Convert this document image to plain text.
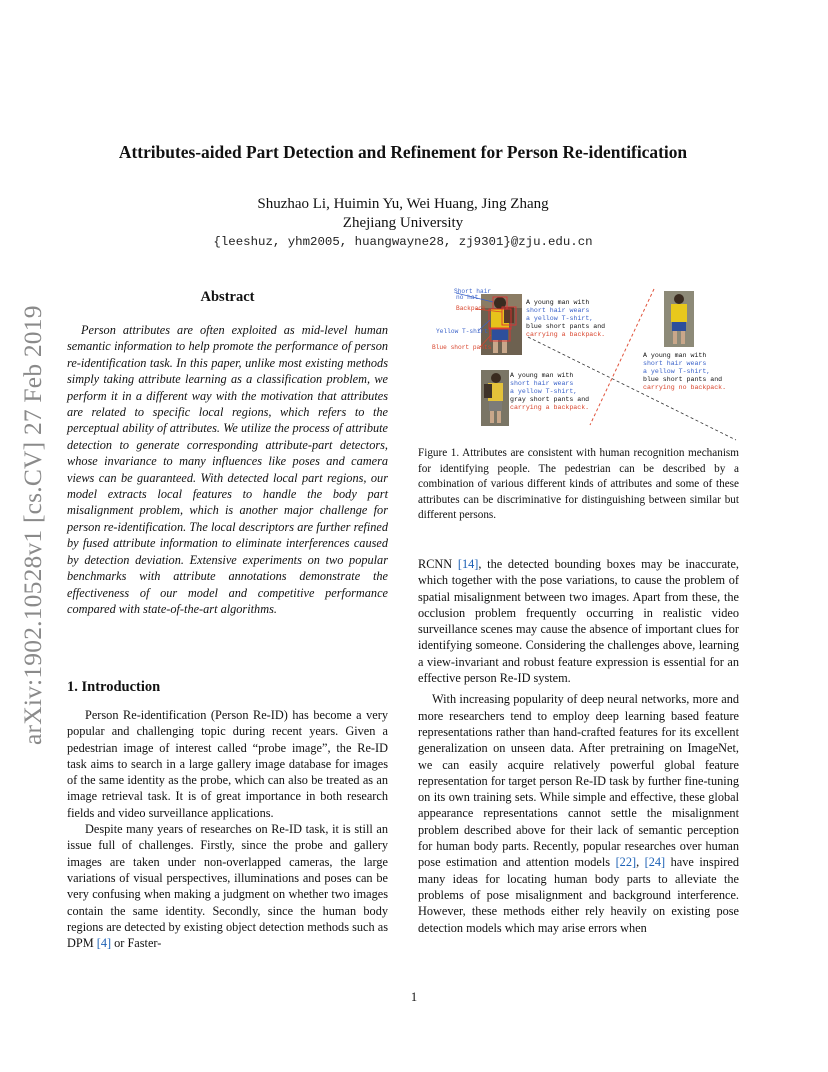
arXiv:1902.10528v1 [cs.CV] 27 Feb 2019
Attributes-aided Part Detection and Refinement for Person Re-identification
Shuzhao Li, Huimin Yu, Wei Huang, Jing Zhang
Zhejiang University
{leeshuz, yhm2005, huangwayne28, zj9301}@zju.edu.cn
Abstract

Person attributes are often exploited as mid-level human semantic information to help promote the performance of person re-identification task. In this paper, unlike most existing methods simply taking attribute learning as a classification problem, we perform it in a different way with the motivation that attributes are related to specific local regions, which refers to the perceptual ability of attributes. We utilize the process of attribute detection to generate corresponding attribute-part detectors, whose invariance to many influences like poses and camera views can be guaranteed. With detected local part regions, our model extracts local features to handle the body part misalignment problem, which is another major challenge for person re-identification. The local descriptors are further refined by fused attribute information to eliminate interferences caused by detection deviation. Extensive experiments on two popular benchmarks with attribute annotations demonstrate the effectiveness of our model and competitive performance compared with state-of-the-art algorithms.

1. Introduction

Person Re-identification (Person Re-ID) has become a very popular and challenging topic during recent years. Given a pedestrian image of interest called “probe image”, the Re-ID task aims to search in a large gallery image database for images of the same identity as the probe, which can also be treated as an image retrieval task. It is of great importance in both research fields and video surveillance applications.

Despite many years of researches on Re-ID task, it is still an issue full of challenges. Firstly, since the probe and gallery images are taken under non-overlapped cameras, the large variations of visual perspectives, illuminations and poses can be very confusing when making a judgment on whether two images contain the same identity. Secondly, since the human body regions are detected by existing object detection methods such as DPM [4] or Faster-

Short hair
no hat
Backpack
Yellow T-shirt
Blue short pants
A young man with
short hair wears
a yellow T-shirt,
blue short pants and
carrying a backpack.
A young man with
short hair wears
a yellow T-shirt,
gray short pants and
carrying a backpack.
A young man with
short hair wears
a yellow T-shirt,
blue short pants and
carrying no backpack.
Figure 1. Attributes are consistent with human recognition mechanism for identifying people. The pedestrian can be described by a combination of various different kinds of attributes and some of these attributes can be discriminative for distinguishing between similar but different persons.

RCNN [14], the detected bounding boxes may be inaccurate, which together with the pose variations, to cause the problem of spatial misalignment between two images. Apart from these, the occlusion problem frequently occurring in realistic video surveillance scenes may cause the absence of important clues for identifying someone. Considering the challenges above, learning a view-invariant and robust feature expression is essential for an effective person Re-ID system.

With increasing popularity of deep neural networks, more and more researchers tend to employ deep learning based feature representations rather than hand-crafted features for its excellent generalization on unseen data. After pretraining on ImageNet, we can easily acquire relatively powerful global feature representation for target person Re-ID task by further fine-tuning on its own training sets. While simple and effective, these global appearance representations cannot settle the misalignment problem described above for their lack of semantic perception for human body parts. Recently, popular researches over human pose estimation and attention models [22], [24] have inspired many ideas for locating human body parts to alleviate the problems of pose misalignment and background interference. However, these methods either rely heavily on existing pose detection models which may arise errors when

1
